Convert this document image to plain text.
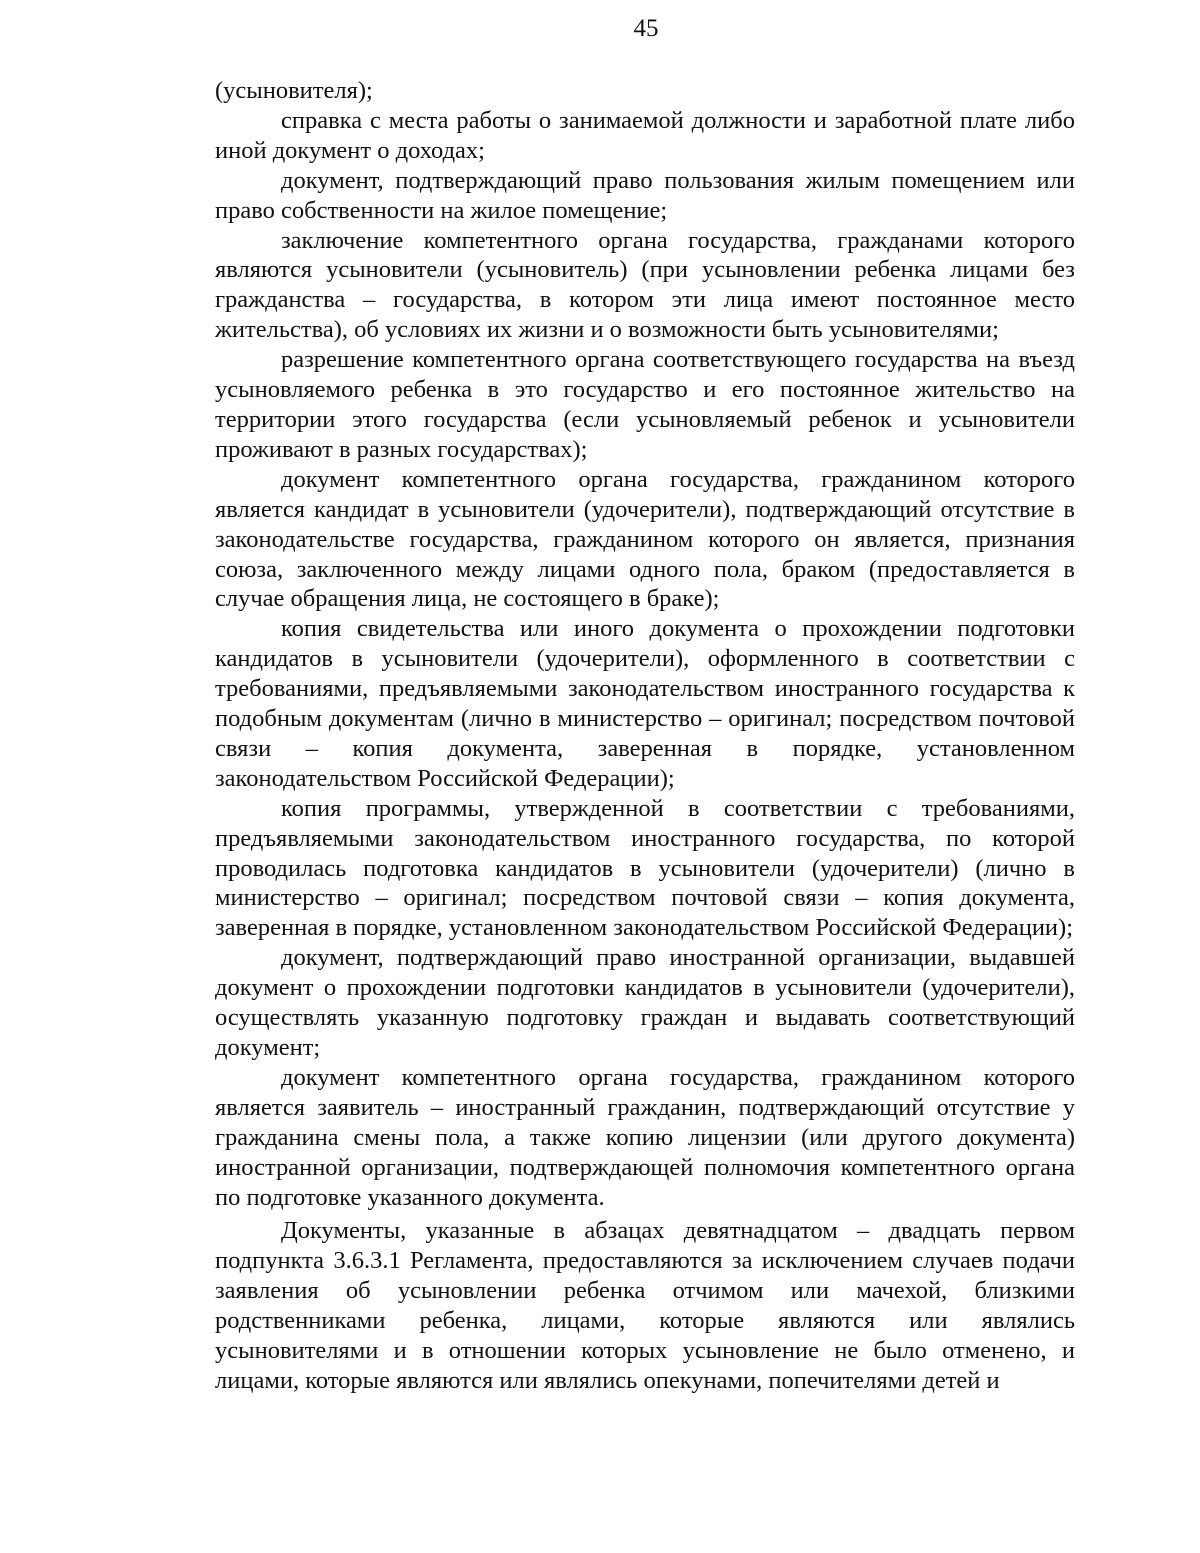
45

(усыновителя);

справка с места работы о занимаемой должности и заработной плате либо иной документ о доходах;

документ, подтверждающий право пользования жилым помещением или право собственности на жилое помещение;

заключение компетентного органа государства, гражданами которого являются усыновители (усыновитель) (при усыновлении ребенка лицами без гражданства – государства, в котором эти лица имеют постоянное место жительства), об условиях их жизни и о возможности быть усыновителями;

разрешение компетентного органа соответствующего государства на въезд усыновляемого ребенка в это государство и его постоянное жительство на территории этого государства (если усыновляемый ребенок и усыновители проживают в разных государствах);

документ компетентного органа государства, гражданином которого является кандидат в усыновители (удочерители), подтверждающий отсутствие в законодательстве государства, гражданином которого он является, признания союза, заключенного между лицами одного пола, браком (предоставляется в случае обращения лица, не состоящего в браке);

копия свидетельства или иного документа о прохождении подготовки кандидатов в усыновители (удочерители), оформленного в соответствии с требованиями, предъявляемыми законодательством иностранного государства к подобным документам (лично в министерство – оригинал; посредством почтовой связи – копия документа, заверенная в порядке, установленном законодательством Российской Федерации);

копия программы, утвержденной в соответствии с требованиями, предъявляемыми законодательством иностранного государства, по которой проводилась подготовка кандидатов в усыновители (удочерители) (лично в министерство – оригинал; посредством почтовой связи – копия документа, заверенная в порядке, установленном законодательством Российской Федерации);

документ, подтверждающий право иностранной организации, выдавшей документ о прохождении подготовки кандидатов в усыновители (удочерители), осуществлять указанную подготовку граждан и выдавать соответствующий документ;

документ компетентного органа государства, гражданином которого является заявитель – иностранный гражданин, подтверждающий отсутствие у гражданина смены пола, а также копию лицензии (или другого документа) иностранной организации, подтверждающей полномочия компетентного органа по подготовке указанного документа.

Документы, указанные в абзацах девятнадцатом – двадцать первом подпункта 3.6.3.1 Регламента, предоставляются за исключением случаев подачи заявления об усыновлении ребенка отчимом или мачехой, близкими родственниками ребенка, лицами, которые являются или являлись усыновителями и в отношении которых усыновление не было отменено, и лицами, которые являются или являлись опекунами, попечителями детей и
